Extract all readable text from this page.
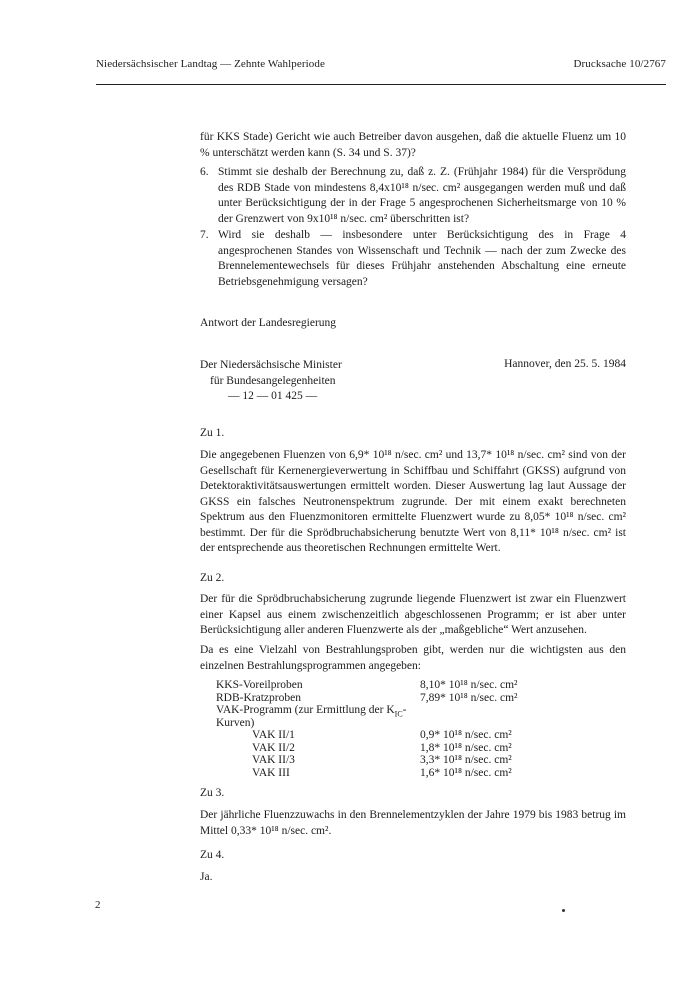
Niedersächsischer Landtag — Zehnte Wahlperiode	Drucksache 10/2767
für KKS Stade) Gericht wie auch Betreiber davon ausgehen, daß die aktuelle Fluenz um 10 % unterschätzt werden kann (S. 34 und S. 37)?
6. Stimmt sie deshalb der Berechnung zu, daß z. Z. (Frühjahr 1984) für die Versprödung des RDB Stade von mindestens 8,4x10¹⁸ n/sec. cm² ausgegangen werden muß und daß unter Berücksichtigung der in der Frage 5 angesprochenen Sicherheitsmarge von 10 % der Grenzwert von 9x10¹⁸ n/sec. cm² überschritten ist?
7. Wird sie deshalb — insbesondere unter Berücksichtigung des in Frage 4 angesprochenen Standes von Wissenschaft und Technik — nach der zum Zwecke des Brennelementewechsels für dieses Frühjahr anstehenden Abschaltung eine erneute Betriebsgenehmigung versagen?
Antwort der Landesregierung
Der Niedersächsische Minister
für Bundesangelegenheiten
— 12 — 01 425 —
Hannover, den 25. 5. 1984
Zu 1.
Die angegebenen Fluenzen von 6,9* 10¹⁸ n/sec. cm² und 13,7* 10¹⁸ n/sec. cm² sind von der Gesellschaft für Kernenergieverwertung in Schiffbau und Schiffahrt (GKSS) aufgrund von Detektoraktivitätsauswertungen ermittelt worden. Dieser Auswertung lag laut Aussage der GKSS ein falsches Neutronenspektrum zugrunde. Der mit einem exakt berechneten Spektrum aus den Fluenzmonitoren ermittelte Fluenzwert wurde zu 8,05* 10¹⁸ n/sec. cm² bestimmt. Der für die Sprödbruchabsicherung benutzte Wert von 8,11* 10¹⁸ n/sec. cm² ist der entsprechende aus theoretischen Rechnungen ermittelte Wert.
Zu 2.
Der für die Sprödbruchabsicherung zugrunde liegende Fluenzwert ist zwar ein Fluenzwert einer Kapsel aus einem zwischenzeitlich abgeschlossenen Programm; er ist aber unter Berücksichtigung aller anderen Fluenzwerte als der „maßgebliche“ Wert anzusehen.
Da es eine Vielzahl von Bestrahlungsproben gibt, werden nur die wichtigsten aus den einzelnen Bestrahlungsprogrammen angegeben:
KKS-Voreilproben	8,10* 10¹⁸ n/sec. cm²
RDB-Kratzproben	7,89* 10¹⁸ n/sec. cm²
VAK-Programm (zur Ermittlung der $K_{IC}-$
Kurven)
VAK II/1	0,9* 10¹⁸ n/sec. cm²
VAK II/2	1,8* 10¹⁸ n/sec. cm²
VAK II/3	3,3* 10¹⁸ n/sec. cm²
VAK III	1,6* 10¹⁸ n/sec. cm²
Zu 3.
Der jährliche Fluenzzuwachs in den Brennelementzyklen der Jahre 1979 bis 1983 betrug im Mittel 0,33* 10¹⁸ n/sec. cm².
Zu 4.
Ja.
2
